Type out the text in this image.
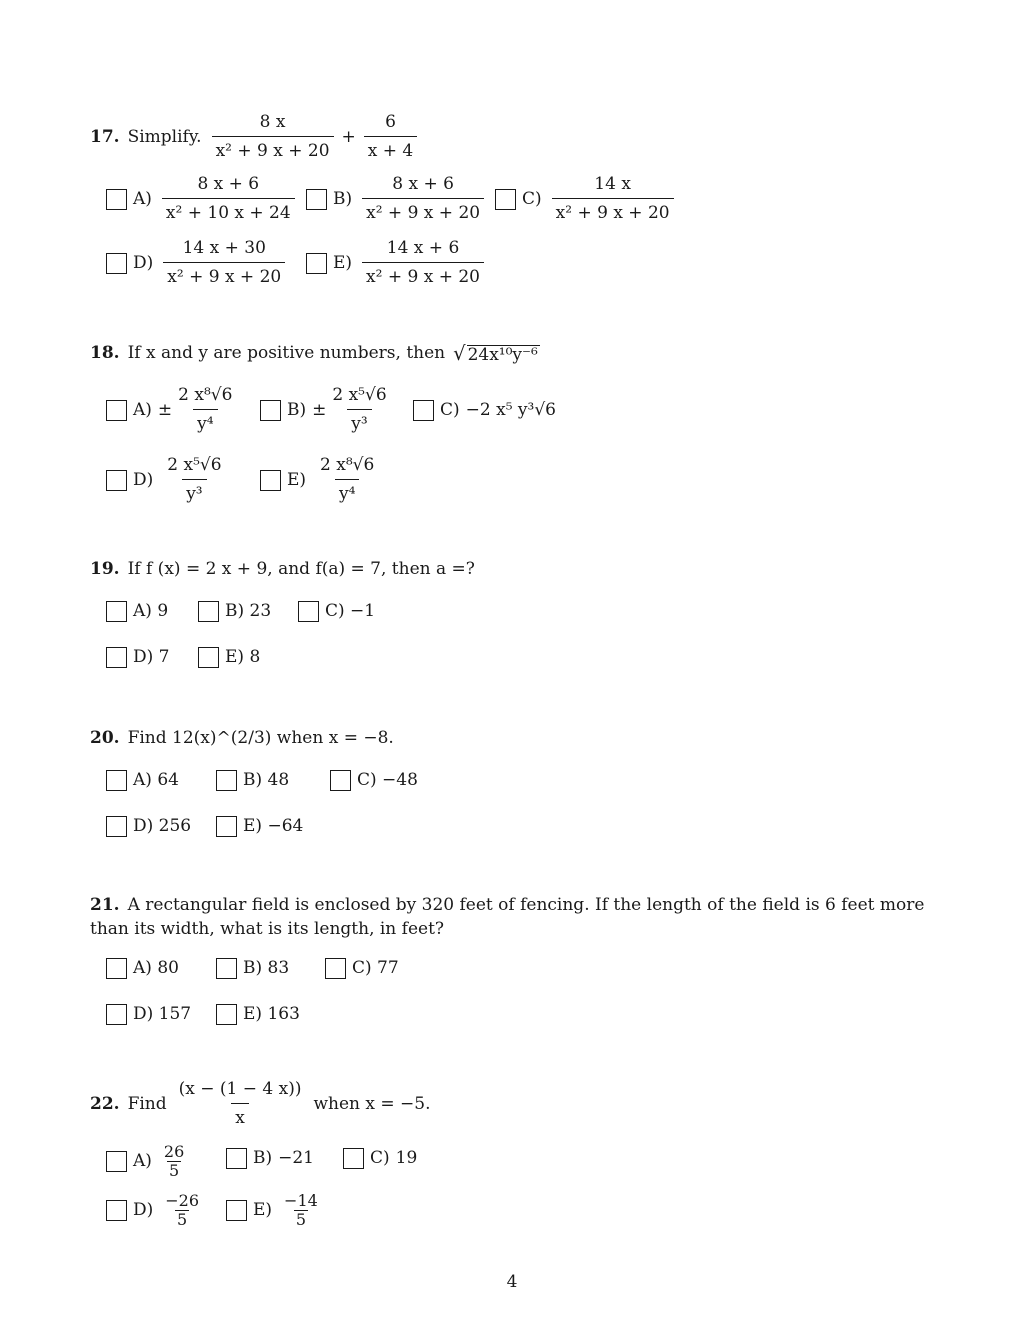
17. Simplify. $\frac{8 x}{\text{x² + 9 x + 20}} + \frac{6}{x + 4}$
$A) \frac{8 x + 6}{\text{x² + 10 x + 24}} B) \frac{8 x + 6}{\text{x² + 9 x + 20}} C) \frac{14 x}{\text{x² + 9 x + 20}}$
$D) \frac{14 x + 30}{\text{x² + 9 x + 20}}$	$E) \frac{14 x + 6}{\text{x² + 9 x + 20}}$
18. If x and y are positive numbers, then √ 24x¹⁰y⁻⁶
$A) \pm \frac{\text{2 x⁸√6}}{\text{y⁴}}$	$B) \pm \frac{\text{2 x⁵√6}}{\text{y³}}$	C) −2 x⁵ y³√6
$D) \frac{\text{2 x⁵√6}}{\text{y³}}$	$E) \frac{\text{2 x⁸√6}}{\text{y⁴}}$
19. If f (x) = 2 x + 9, and f(a) = 7, then a =?
A) 9	B) 23	C) −1
D) 7	E) 8
20. Find 12(x)^(2/3) when x = −8.
A) 64	B) 48	C) −48
D) 256	E) −64
21. A rectangular field is enclosed by 320 feet of fencing. If the length of the field is 6 feet more than its width, what is its length, in feet?
A) 80	B) 83	C) 77
D) 157	E) 163
22. Find $\frac{(x - (1 - 4 x))}{x}$ when x = −5.
$A) \frac{26}{5}$	B) −21	C) 19
$D) \frac{-26}{5}$	$E) \frac{-14}{5}$
4
